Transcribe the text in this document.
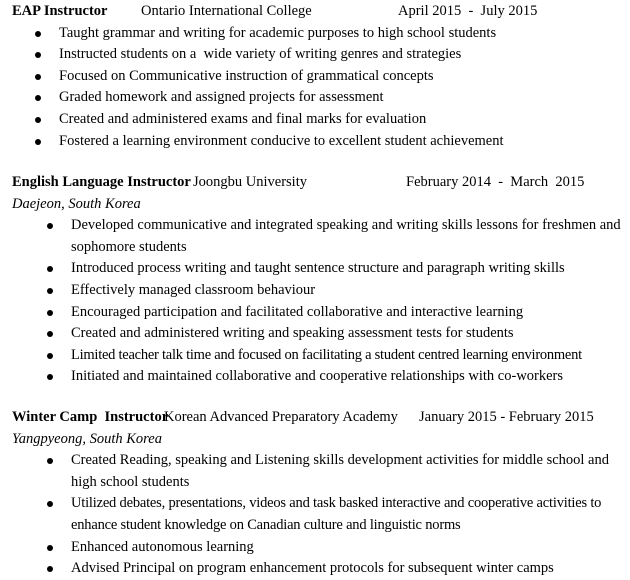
EAP Instructor Ontario International College	April 2015  -  July 2015
Taught grammar and writing for academic purposes to high school students
Instructed students on a  wide variety of writing genres and strategies
Focused on Communicative instruction of grammatical concepts
Graded homework and assigned projects for assessment
Created and administered exams and final marks for evaluation
Fostered a learning environment conducive to excellent student achievement
English Language Instructor Joongbu University	February 2014  -  March  2015
Daejeon, South Korea
Developed communicative and integrated speaking and writing skills lessons for freshmen and sophomore students
Introduced process writing and taught sentence structure and paragraph writing skills
Effectively managed classroom behaviour
Encouraged participation and facilitated collaborative and interactive learning
Created and administered writing and speaking assessment tests for students
Limited teacher talk time and focused on facilitating a student centred learning environment
Initiated and maintained collaborative and cooperative relationships with co-workers
Winter Camp  Instructor
Korean Advanced Preparatory Academy January 2015 - February 2015
Yangpyeong, South Korea
Created Reading, speaking and Listening skills development activities for middle school and high school students
Utilized debates, presentations, videos and task basked interactive and cooperative activities to enhance student knowledge on Canadian culture and linguistic norms
Enhanced autonomous learning
Advised Principal on program enhancement protocols for subsequent winter camps
